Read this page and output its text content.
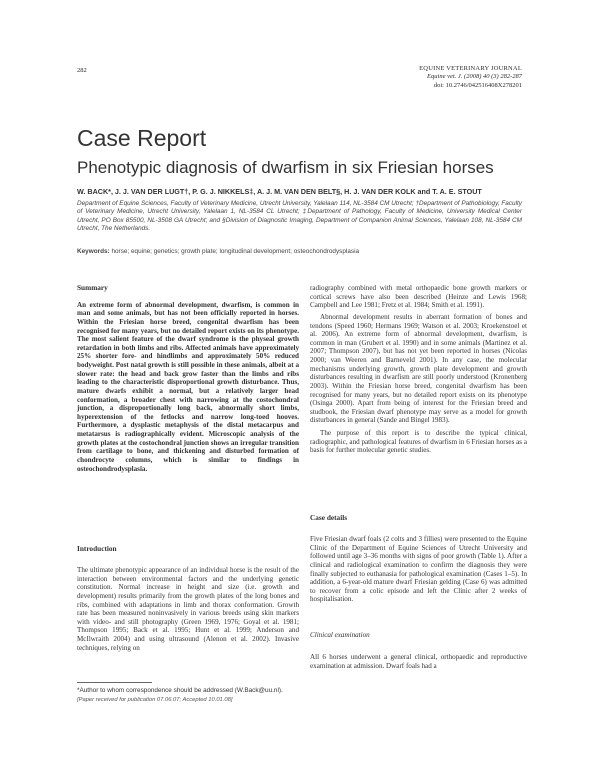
282	EQUINE VETERINARY JOURNAL
Equine vet. J. (2008) 40 (3) 282-287
doi: 10.2746/042516408X278201
Case Report
Phenotypic diagnosis of dwarfism in six Friesian horses
W. BACK*, J. J. VAN DER LUGT†, P. G. J. NIKKELS‡, A. J. M. VAN DEN BELT§, H. J. VAN DER KOLK and T. A. E. STOUT
Department of Equine Sciences, Faculty of Veterinary Medicine, Utrecht University, Yalelaan 114, NL-3584 CM Utrecht; †Department of Pathobiology, Faculty of Veterinary Medicine, Utrecht University, Yalelaan 1, NL-3584 CL Utrecht; ‡Department of Pathology, Faculty of Medicine, University Medical Center Utrecht, PO Box 85500, NL-3508 GA Utrecht; and §Division of Diagnostic Imaging, Department of Companion Animal Sciences, Yalelaan 108, NL-3584 CM Utrecht, The Netherlands.
Keywords: horse; equine; genetics; growth plate; longitudinal development; osteochondrodysplasia

Summary

An extreme form of abnormal development, dwarfism, is common in man and some animals, but has not been officially reported in horses. Within the Friesian horse breed, congenital dwarfism has been recognised for many years, but no detailed report exists on its phenotype. The most salient feature of the dwarf syndrome is the physeal growth retardation in both limbs and ribs. Affected animals have approximately 25% shorter fore- and hindlimbs and approximately 50% reduced bodyweight. Post natal growth is still possible in these animals, albeit at a slower rate: the head and back grow faster than the limbs and ribs leading to the characteristic disproportional growth disturbance. Thus, mature dwarfs exhibit a normal, but a relatively larger head conformation, a broader chest with narrowing at the costochondral junction, a disproportionally long back, abnormally short limbs, hyperextension of the fetlocks and narrow long-toed hooves. Furthermore, a dysplastic metaphysis of the distal metacarpus and metatarsus is radiographically evident. Microscopic analysis of the growth plates at the costochondral junction shows an irregular transition from cartilage to bone, and thickening and disturbed formation of chondrocyte columns, which is similar to findings in osteochondrodysplasia.

Introduction

The ultimate phenotypic appearance of an individual horse is the result of the interaction between environmental factors and the underlying genetic constitution. Normal increase in height and size (i.e. growth and development) results primarily from the growth plates of the long bones and ribs, combined with adaptations in limb and thorax conformation. Growth rate has been measured noninvasively in various breeds using skin markers with video- and still photography (Green 1969, 1976; Goyal et al. 1981; Thompson 1995; Back et al. 1995; Hunt et al. 1999; Anderson and McIlwraith 2004) and using ultrasound (Alenon et al. 2002). Invasive techniques, relying on

radiography combined with metal orthopaedic bone growth markers or cortical screws have also been described (Heinze and Lewis 1968; Campbell and Lee 1981; Fretz et al. 1984; Smith et al. 1991).

Abnormal development results in aberrant formation of bones and tendons (Speed 1960; Hermans 1969; Watson et al. 2003; Kroekenstoel et al. 2006). An extreme form of abnormal development, dwarfism, is common in man (Grubert et al. 1990) and in some animals (Martinez et al. 2007; Thompson 2007), but has not yet been reported in horses (Nicolas 2000; van Weeren and Barneveld 2001). In any case, the molecular mechanisms underlying growth, growth plate development and growth disturbances resulting in dwarfism are still poorly understood (Kronenberg 2003). Within the Friesian horse breed, congenital dwarfism has been recognised for many years, but no detailed report exists on its phenotype (Osinga 2000). Apart from being of interest for the Friesian breed and studbook, the Friesian dwarf phenotype may serve as a model for growth disturbances in general (Sande and Bingel 1983).

The purpose of this report is to describe the typical clinical, radiographic, and pathological features of dwarfism in 6 Friesian horses as a basis for further molecular genetic studies.

Case details

Five Friesian dwarf foals (2 colts and 3 fillies) were presented to the Equine Clinic of the Department of Equine Sciences of Utrecht University and followed until age 3–36 months with signs of poor growth (Table 1). After a clinical and radiological examination to confirm the diagnosis they were finally subjected to euthanasia for pathological examination (Cases 1–5). In addition, a 6-year-old mature dwarf Friesian gelding (Case 6) was admitted to recover from a colic episode and left the Clinic after 2 weeks of hospitalisation.

Clinical examination

All 6 horses underwent a general clinical, orthopaedic and reproductive examination at admission. Dwarf foals had a

*Author to whom correspondence should be addressed (W.Back@uu.nl).
[Paper received for publication 07.06.07; Accepted 10.01.08]
